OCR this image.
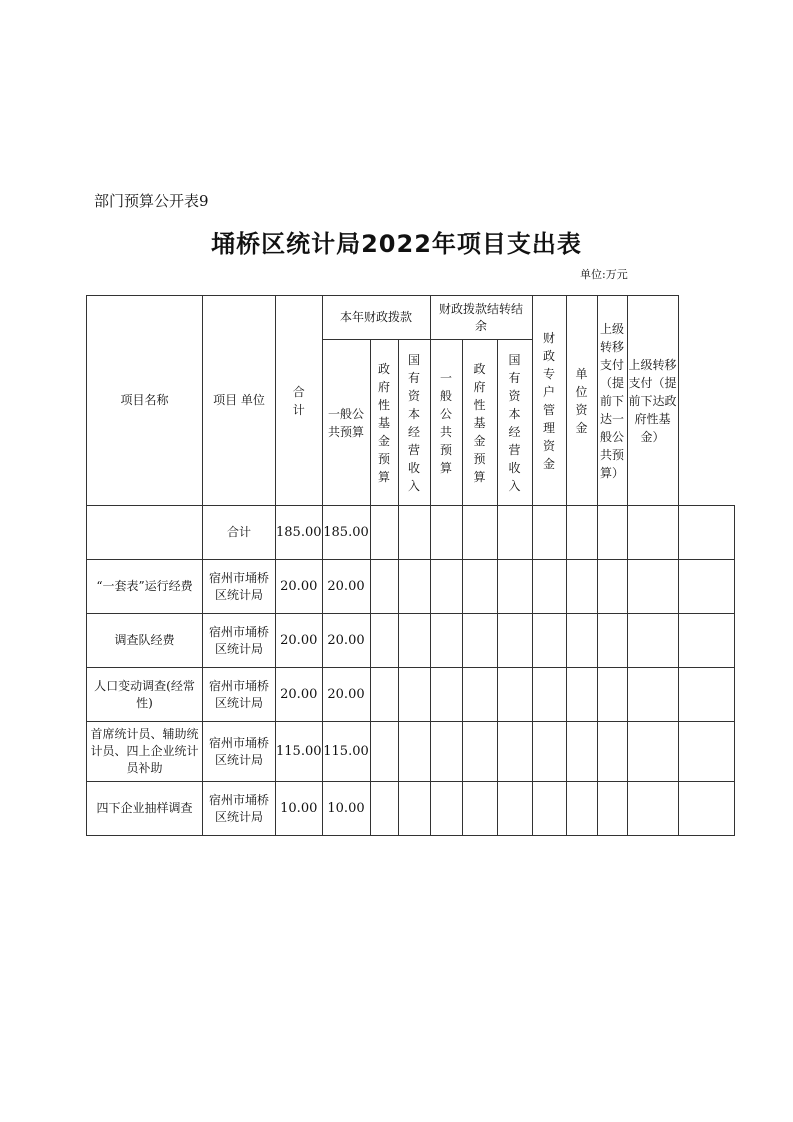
部门预算公开表9
埇桥区统计局2022年项目支出表
单位:万元
项目名称	项目 单位	合计	本年财政拨款			财政拨款结转结余			财政专户管理资金	单位资金	上级转移支付（提前下达一般公共预算）	上级转移支付（提前下达政府性基金）	

			一般公共预算	政府性基金预算	国有资本经营收入	一般公共预算	政府性基金预算	国有资本经营收入					

	合计	185.00	185.00										
“一套表”运行经费	宿州市埇桥区统计局	20.00	20.00										
调查队经费	宿州市埇桥区统计局	20.00	20.00										
人口变动调查(经常性)	宿州市埇桥区统计局	20.00	20.00										
首席统计员、辅助统计员、四上企业统计员补助	宿州市埇桥区统计局	115.00	115.00										
四下企业抽样调查	宿州市埇桥区统计局	10.00	10.00										
